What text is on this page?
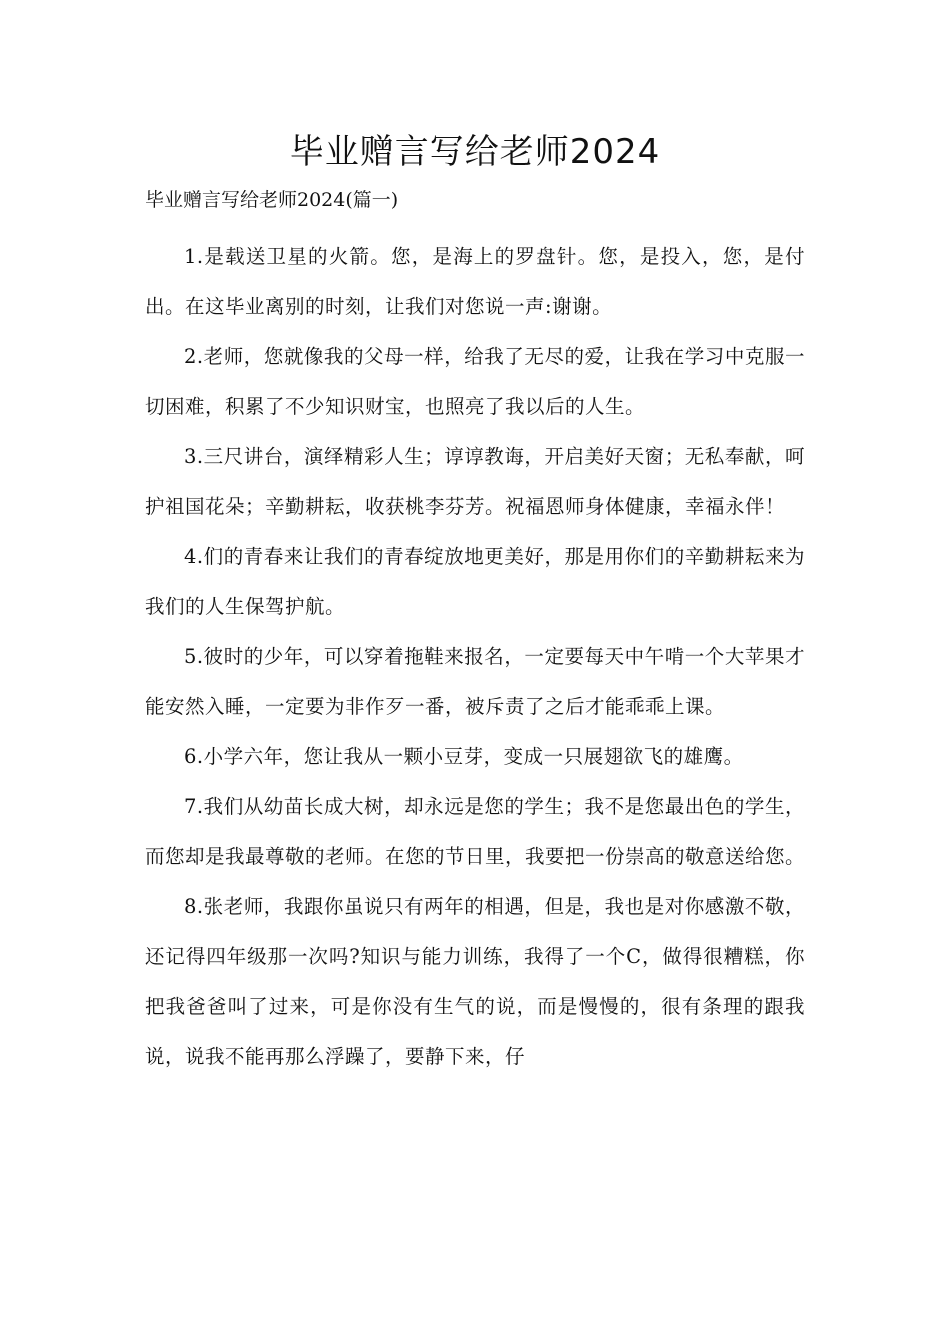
毕业赠言写给老师2024

毕业赠言写给老师2024(篇一)

1.是载送卫星的火箭。您，是海上的罗盘针。您，是投入，您，是付出。在这毕业离别的时刻，让我们对您说一声:谢谢。

2.老师，您就像我的父母一样，给我了无尽的爱，让我在学习中克服一切困难，积累了不少知识财宝，也照亮了我以后的人生。

3.三尺讲台，演绎精彩人生；谆谆教诲，开启美好天窗；无私奉献，呵护祖国花朵；辛勤耕耘，收获桃李芬芳。祝福恩师身体健康，幸福永伴！

4.们的青春来让我们的青春绽放地更美好，那是用你们的辛勤耕耘来为我们的人生保驾护航。

5.彼时的少年，可以穿着拖鞋来报名，一定要每天中午啃一个大苹果才能安然入睡，一定要为非作歹一番，被斥责了之后才能乖乖上课。

6.小学六年，您让我从一颗小豆芽，变成一只展翅欲飞的雄鹰。

7.我们从幼苗长成大树，却永远是您的学生；我不是您最出色的学生，而您却是我最尊敬的老师。在您的节日里，我要把一份崇高的敬意送给您。

8.张老师，我跟你虽说只有两年的相遇，但是，我也是对你感激不敬，还记得四年级那一次吗?知识与能力训练，我得了一个C，做得很糟糕，你把我爸爸叫了过来，可是你没有生气的说，而是慢慢的，很有条理的跟我说，说我不能再那么浮躁了，要静下来，仔
